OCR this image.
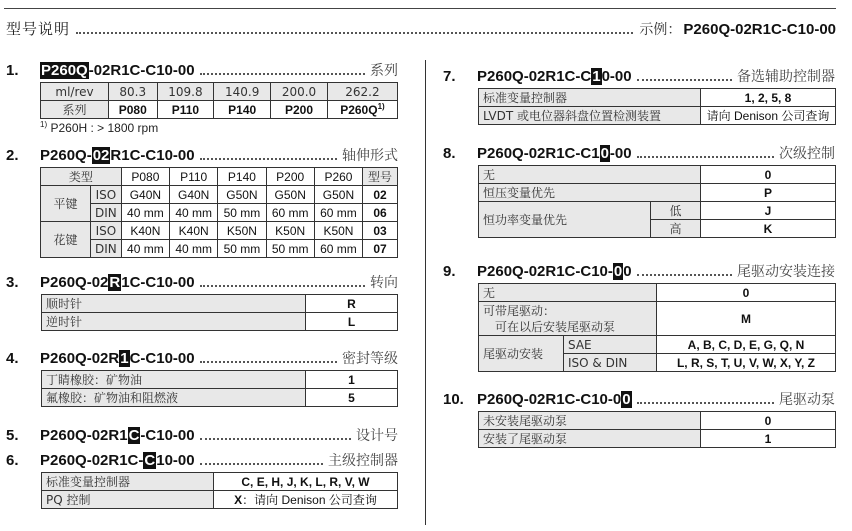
型号说明	示例： P260Q-02R1C-C10-00
1.	P260Q-02R1C-C10-00	系列
ml/rev	80.3	109.8	140.9	200.0	262.2
系列	P080	P110	P140	P200	$P260Q^{1)}$
$^{1)}$ P260H : > 1800 rpm
2.	P260Q-02R1C-C10-00	轴伸形式
类型		P080	P110	P140	P200	P260	型号
平键	ISO	G40N	G40N	G50N	G50N	G50N	02
	DIN	40 mm	40 mm	50 mm	60 mm	60 mm	06
花键	ISO	K40N	K40N	K50N	K50N	K50N	03
	DIN	40 mm	40 mm	50 mm	50 mm	60 mm	07
3.	P260Q-02R1C-C10-00	转向
顺时针	R
逆时针	L
4.	P260Q-02R1C-C10-00	密封等级
丁睛橡胶：矿物油	1
氟橡胶：矿物油和阻燃液	5
5.	P260Q-02R1C-C10-00	设计号
6.	P260Q-02R1C-C10-00	主级控制器
标准变量控制器	C, E, H, J, K, L, R, V, W
PQ 控制	X：请向 Denison 公司查询
7.	P260Q-02R1C-C10-00	备选辅助控制器
标准变量控制器	1, 2, 5, 8
LVDT 或电位器斜盘位置检测装置	请向 Denison 公司查询
8.	P260Q-02R1C-C10-00	次级控制
无		0
恒压变量优先		P
恒功率变量优先	低	J
	高	K
9.	P260Q-02R1C-C10-00	尾驱动安装连接
无		0

可带尾驱动：
可在以后安装尾驱动泵		M
尾驱动安装	SAE	A, B, C, D, E, G, Q, N
	ISO & DIN	L, R, S, T, U, V, W, X, Y, Z
10. P260Q-02R1C-C10-00	尾驱动泵
未安装尾驱动泵	0
安装了尾驱动泵	1
